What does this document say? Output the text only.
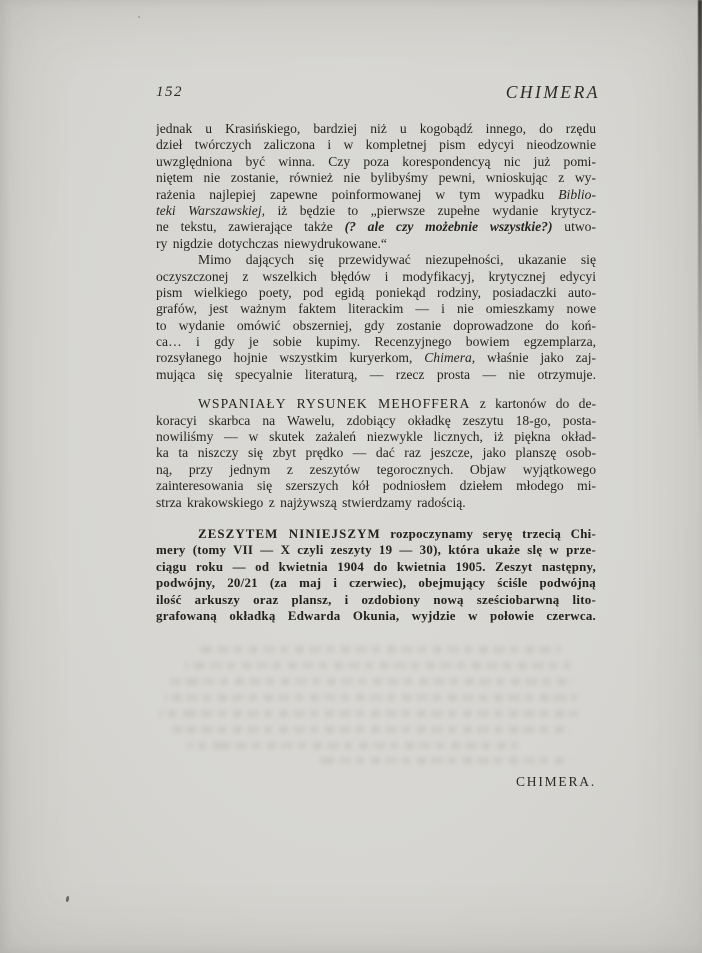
152	CHIMERA
jednak u Krasińskiego, bardziej niż u kogobądź innego, do rzędu
dzieł twórczych zaliczona i w kompletnej pism edycyi nieodzownie
uwzględniona być winna. Czy poza korespondencyą nic już pomi-
niętem nie zostanie, również nie bylibyśmy pewni, wnioskując z wy-
rażenia najlepiej zapewne poinformowanej w tym wypadku Biblio-
teki Warszawskiej, iż będzie to „pierwsze zupełne wydanie krytycz-
ne tekstu, zawierające także (? ale czy możebnie wszystkie?) utwo-
ry nigdzie dotychczas niewydrukowane.“
Mimo dających się przewidywać niezupełności, ukazanie się
oczyszczonej z wszelkich błędów i modyfikacyj, krytycznej edycyi
pism wielkiego poety, pod egidą poniekąd rodziny, posiadaczki auto-
grafów, jest ważnym faktem literackim — i nie omieszkamy nowe
to wydanie omówić obszerniej, gdy zostanie doprowadzone do koń-
ca… i gdy je sobie kupimy. Recenzyjnego bowiem egzemplarza,
rozsyłanego hojnie wszystkim kuryerkom, Chimera, właśnie jako zaj-
mująca się specyalnie literaturą, — rzecz prosta — nie otrzymuje.
WSPANIAŁY RYSUNEK MEHOFFERA z kartonów do de-
koracyi skarbca na Wawelu, zdobiący okładkę zeszytu 18-go, posta-
nowiliśmy — w skutek zażaleń niezwykle licznych, iż piękna okład-
ka ta niszczy się zbyt prędko — dać raz jeszcze, jako planszę osob-
ną, przy jednym z zeszytów tegorocznych. Objaw wyjątkowego
zainteresowania się szerszych kół podniosłem dziełem młodego mi-
strza krakowskiego z najżywszą stwierdzamy radością.
ZESZYTEM NINIEJSZYM rozpoczynamy seryę trzecią Chi-
mery (tomy VII — X czyli zeszyty 19 — 30), która ukaże slę w prze-
ciągu roku — od kwietnia 1904 do kwietnia 1905. Zeszyt następny,
podwójny, 20/21 (za maj i czerwiec), obejmujący ściśle podwójną
ilość arkuszy oraz plansz, i ozdobiony nową sześciobarwną lito-
grafowaną okładką Edwarda Okunia, wyjdzie w połowie czerwca.
CHIMERA.
